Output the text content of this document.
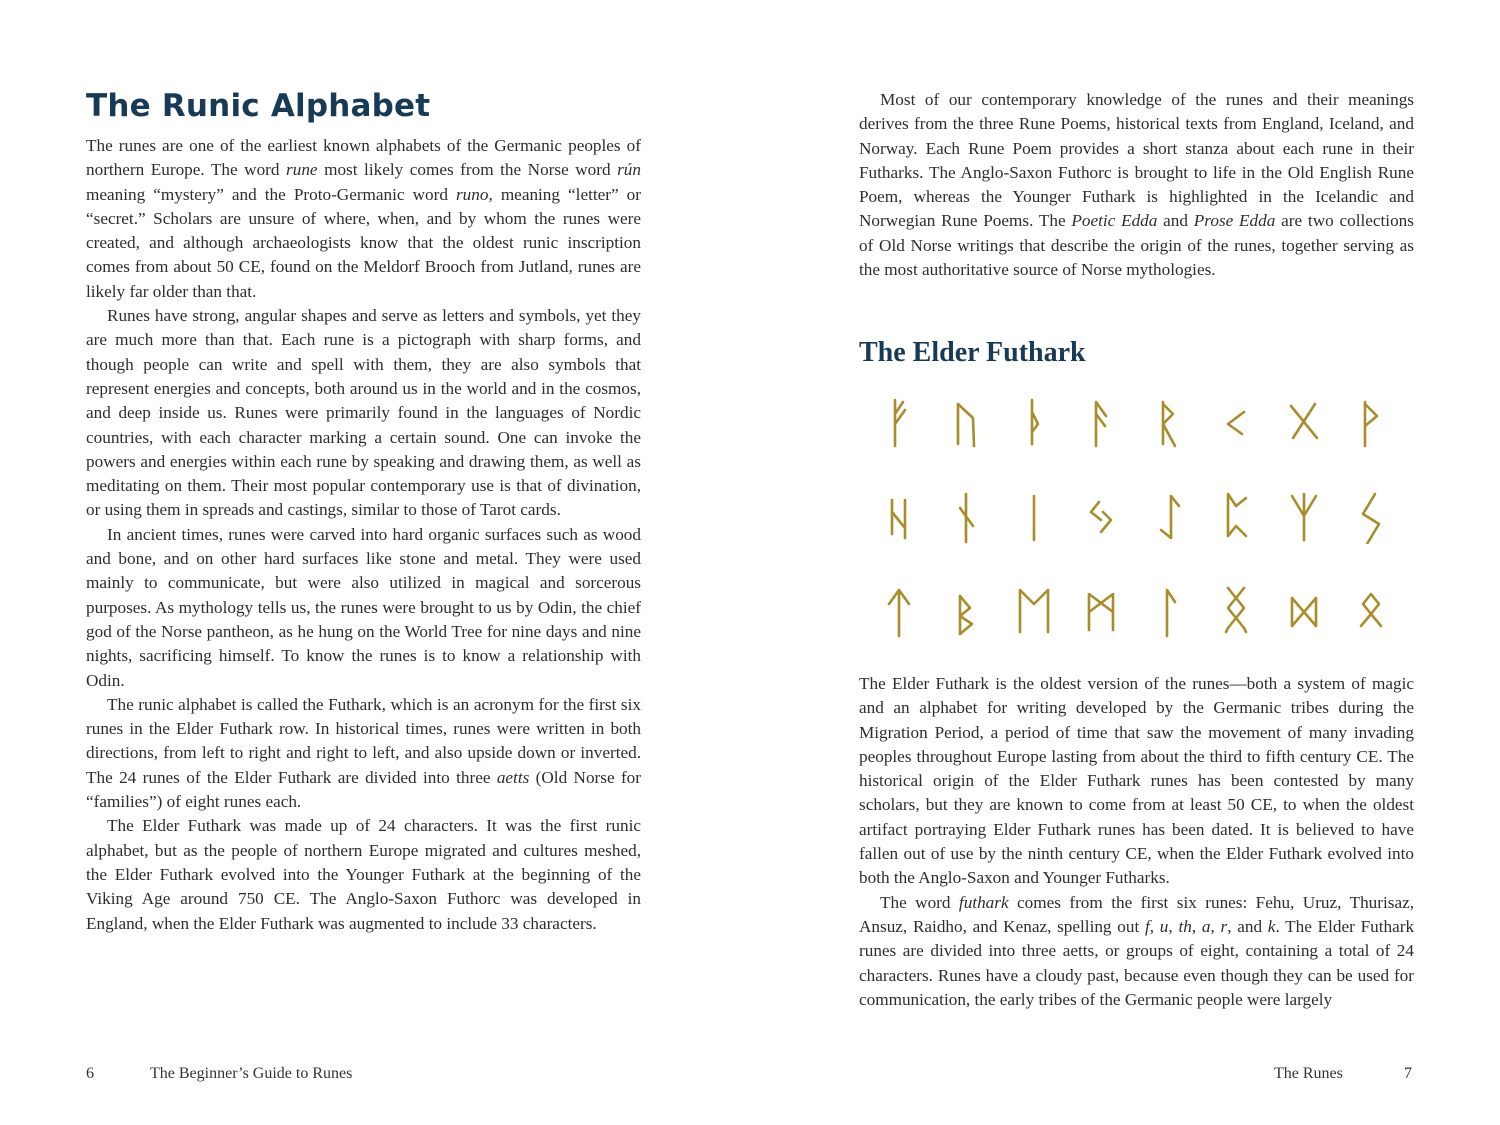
The Runic Alphabet

The runes are one of the earliest known alphabets of the Germanic peoples of northern Europe. The word rune most likely comes from the Norse word rún meaning “mystery” and the Proto-Germanic word runo, meaning “letter” or “secret.” Scholars are unsure of where, when, and by whom the runes were created, and although archaeologists know that the oldest runic inscription comes from about 50 CE, found on the Meldorf Brooch from Jutland, runes are likely far older than that.

Runes have strong, angular shapes and serve as letters and symbols, yet they are much more than that. Each rune is a pictograph with sharp forms, and though people can write and spell with them, they are also symbols that represent energies and concepts, both around us in the world and in the cosmos, and deep inside us. Runes were primarily found in the languages of Nordic countries, with each character marking a certain sound. One can invoke the powers and energies within each rune by speaking and drawing them, as well as meditating on them. Their most popular contemporary use is that of divination, or using them in spreads and castings, similar to those of Tarot cards.

In ancient times, runes were carved into hard organic surfaces such as wood and bone, and on other hard surfaces like stone and metal. They were used mainly to communicate, but were also utilized in magical and sorcerous purposes. As mythology tells us, the runes were brought to us by Odin, the chief god of the Norse pantheon, as he hung on the World Tree for nine days and nine nights, sacrificing himself. To know the runes is to know a relationship with Odin.

The runic alphabet is called the Futhark, which is an acronym for the first six runes in the Elder Futhark row. In historical times, runes were written in both directions, from left to right and right to left, and also upside down or inverted. The 24 runes of the Elder Futhark are divided into three aetts (Old Norse for “families”) of eight runes each.

The Elder Futhark was made up of 24 characters. It was the first runic alphabet, but as the people of northern Europe migrated and cultures meshed, the Elder Futhark evolved into the Younger Futhark at the beginning of the Viking Age around 750 CE. The Anglo-Saxon Futhorc was developed in England, when the Elder Futhark was augmented to include 33 characters.

6	The Beginner’s Guide to Runes

Most of our contemporary knowledge of the runes and their meanings derives from the three Rune Poems, historical texts from England, Iceland, and Norway. Each Rune Poem provides a short stanza about each rune in their Futharks. The Anglo-Saxon Futhorc is brought to life in the Old English Rune Poem, whereas the Younger Futhark is highlighted in the Icelandic and Norwegian Rune Poems. The Poetic Edda and Prose Edda are two collections of Old Norse writings that describe the origin of the runes, together serving as the most authoritative source of Norse mythologies.

The Elder Futhark

The Elder Futhark is the oldest version of the runes—both a system of magic and an alphabet for writing developed by the Germanic tribes during the Migration Period, a period of time that saw the movement of many invading peoples throughout Europe lasting from about the third to fifth century CE. The historical origin of the Elder Futhark runes has been contested by many scholars, but they are known to come from at least 50 CE, to when the oldest artifact portraying Elder Futhark runes has been dated. It is believed to have fallen out of use by the ninth century CE, when the Elder Futhark evolved into both the Anglo-Saxon and Younger Futharks.

The word futhark comes from the first six runes: Fehu, Uruz, Thurisaz, Ansuz, Raidho, and Kenaz, spelling out f, u, th, a, r, and k. The Elder Futhark runes are divided into three aetts, or groups of eight, containing a total of 24 characters. Runes have a cloudy past, because even though they can be used for communication, the early tribes of the Germanic people were largely

The Runes	7
